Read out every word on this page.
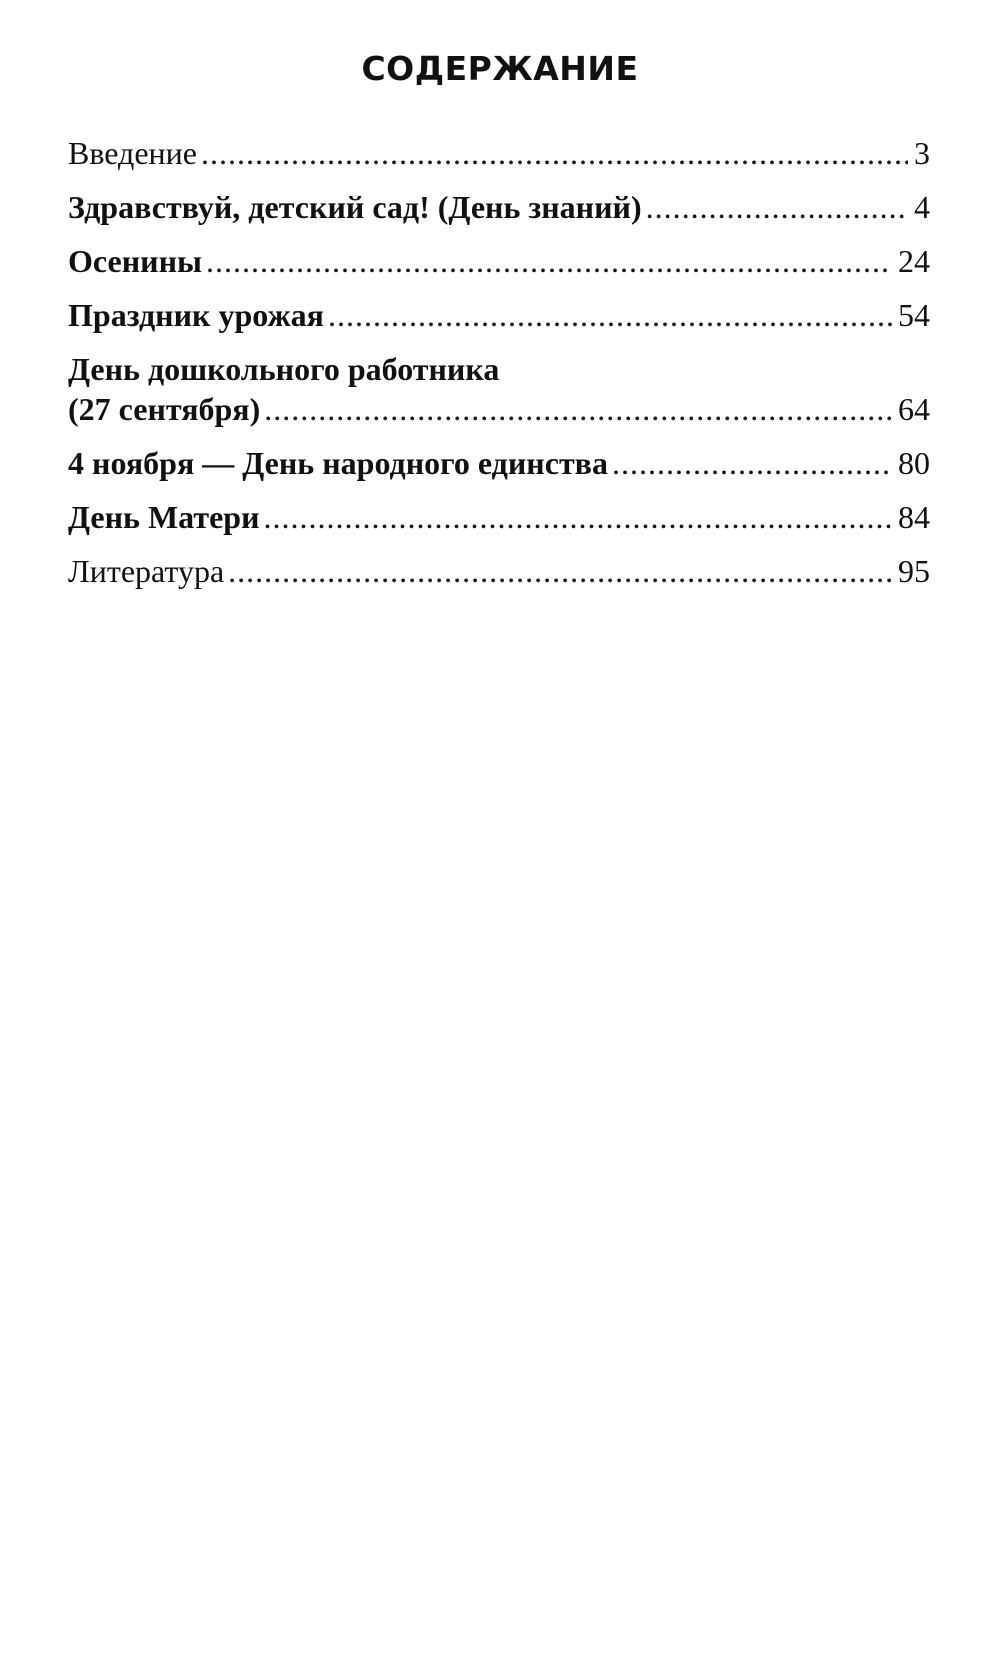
СОДЕРЖАНИЕ
Введение .....	3
Здравствуй, детский сад! (День знаний) .....	4
Осенины .....	24
Праздник урожая .....	54
День дошкольного работника
(27 сентября) .....	64
4 ноября — День народного единства .....	80
День Матери .....	84
Литература .....	95
